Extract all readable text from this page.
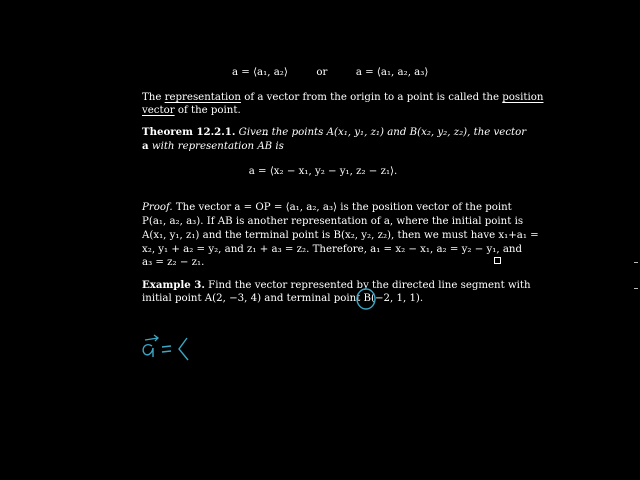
a = ⟨a₁, a₂⟩	or	a = ⟨a₁, a₂, a₃⟩
The representation of a vector from the origin to a point is called the position
vector of the point.
Theorem 12.2.1. Given the points A(x₁, y₁, z₁) and B(x₂, y₂, z₂), the vector
a with representation → AB is
a = ⟨x₂ − x₁, y₂ − y₁, z₂ − z₁⟩.
Proof. The vector a = OP = ⟨a₁, a₂, a₃⟩ is the position vector of the point
P(a₁, a₂, a₃). If AB is another representation of a, where the initial point is
A(x₁, y₁, z₁) and the terminal point is B(x₂, y₂, z₂), then we must have x₁+a₁ =
x₂, y₁ + a₂ = y₂, and z₁ + a₃ = z₂. Therefore, a₁ = x₂ − x₁, a₂ = y₂ − y₁, and
a₃ = z₂ − z₁.
Example 3. Find the vector represented by the directed line segment with
initial point A(2, −3, 4) and terminal point B(−2, 1, 1).
